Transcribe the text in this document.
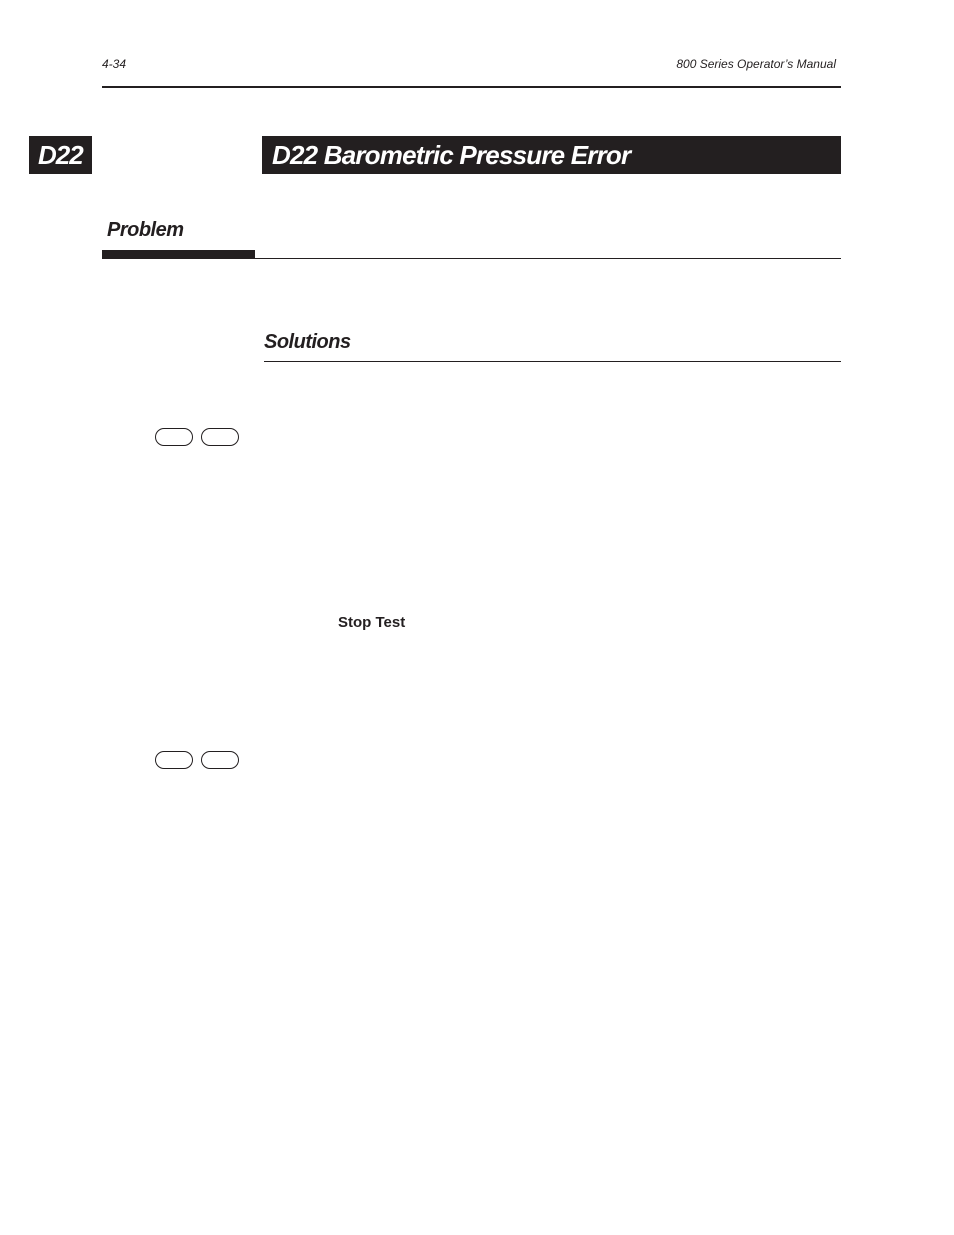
4-34	800 Series Operator’s Manual
D22	D22 Barometric Pressure Error
Problem
Solutions
Stop Test
